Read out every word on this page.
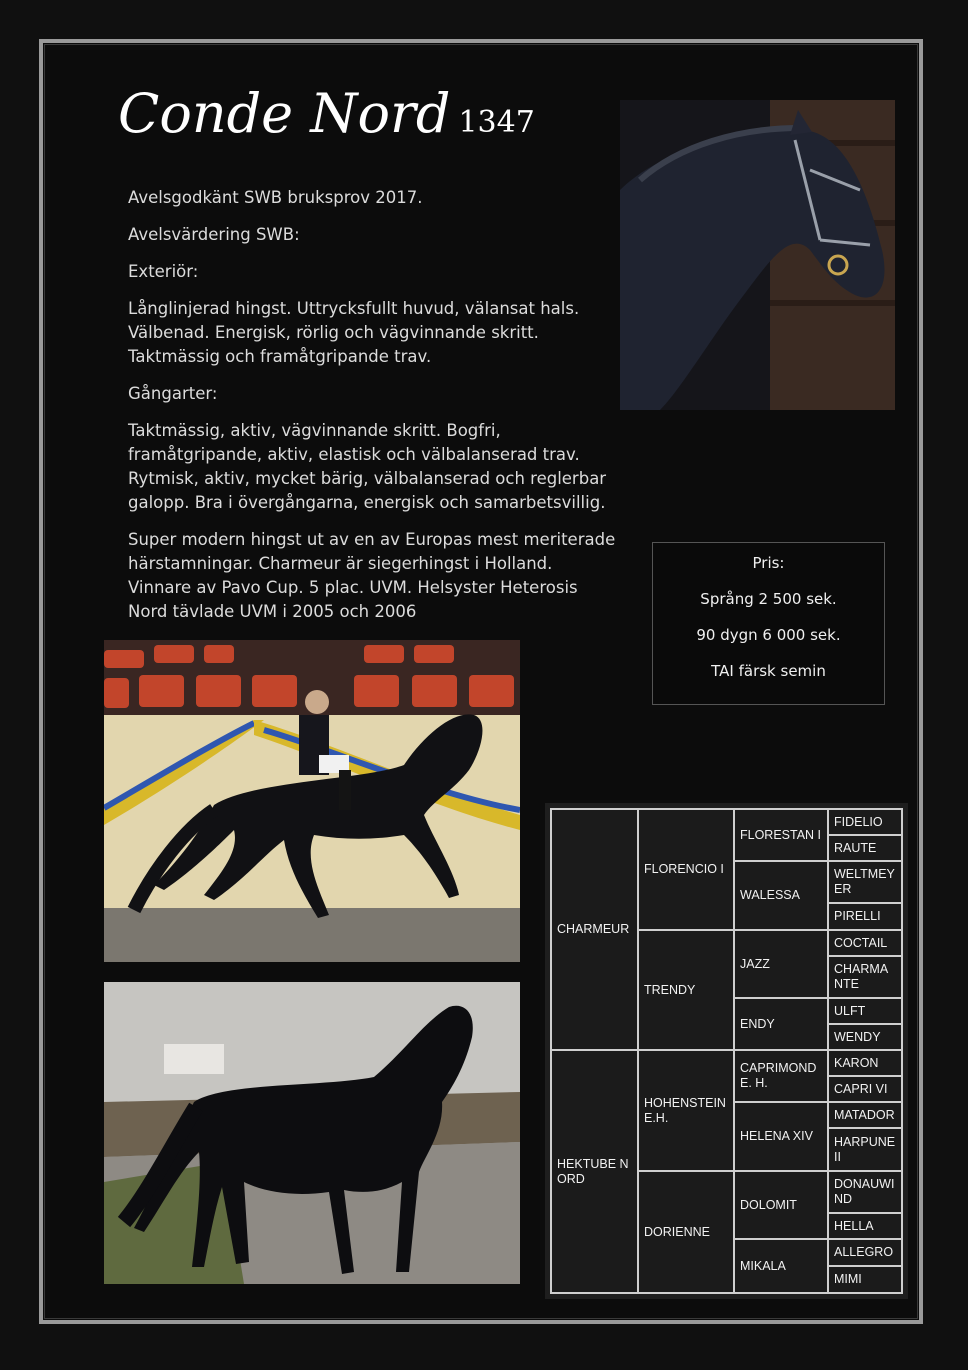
Conde Nord 1347

Avelsgodkänt SWB bruksprov 2017.

Avelsvärdering SWB:

Exteriör:

Långlinjerad hingst. Uttrycksfullt huvud, välansat hals. Välbenad. Energisk, rörlig och vägvinnande skritt. Taktmässig och framåtgripande trav.

Gångarter:

Taktmässig, aktiv, vägvinnande skritt. Bogfri, framåtgripande, aktiv, elastisk och välbalanserad trav. Rytmisk, aktiv, mycket bärig, välbalanserad och reglerbar galopp. Bra i övergångarna, energisk och samarbetsvillig.

Super modern hingst ut av en av Europas mest meriterade härstamningar. Charmeur är siegerhingst i Holland. Vinnare av Pavo Cup. 5 plac. UVM. Helsyster Heterosis Nord tävlade UVM i 2005 och 2006

Pris:
Språng 2 500 sek.
90 dygn 6 000 sek.
TAI färsk semin
CHARMEUR
HEKTUBE N ORD
FLORENCIO I
TRENDY
HOHENSTEIN E.H.
DORIENNE
FLORESTAN I
WALESSA
JAZZ
ENDY
CAPRIMOND E. H.
HELENA XIV
DOLOMIT
MIKALA
FIDELIO
RAUTE
WELTMEY ER
PIRELLI
COCTAIL
CHARMA NTE
ULFT
WENDY
KARON
CAPRI VI
MATADOR
HARPUNE II
DONAUWI ND
HELLA
ALLEGRO
MIMI
